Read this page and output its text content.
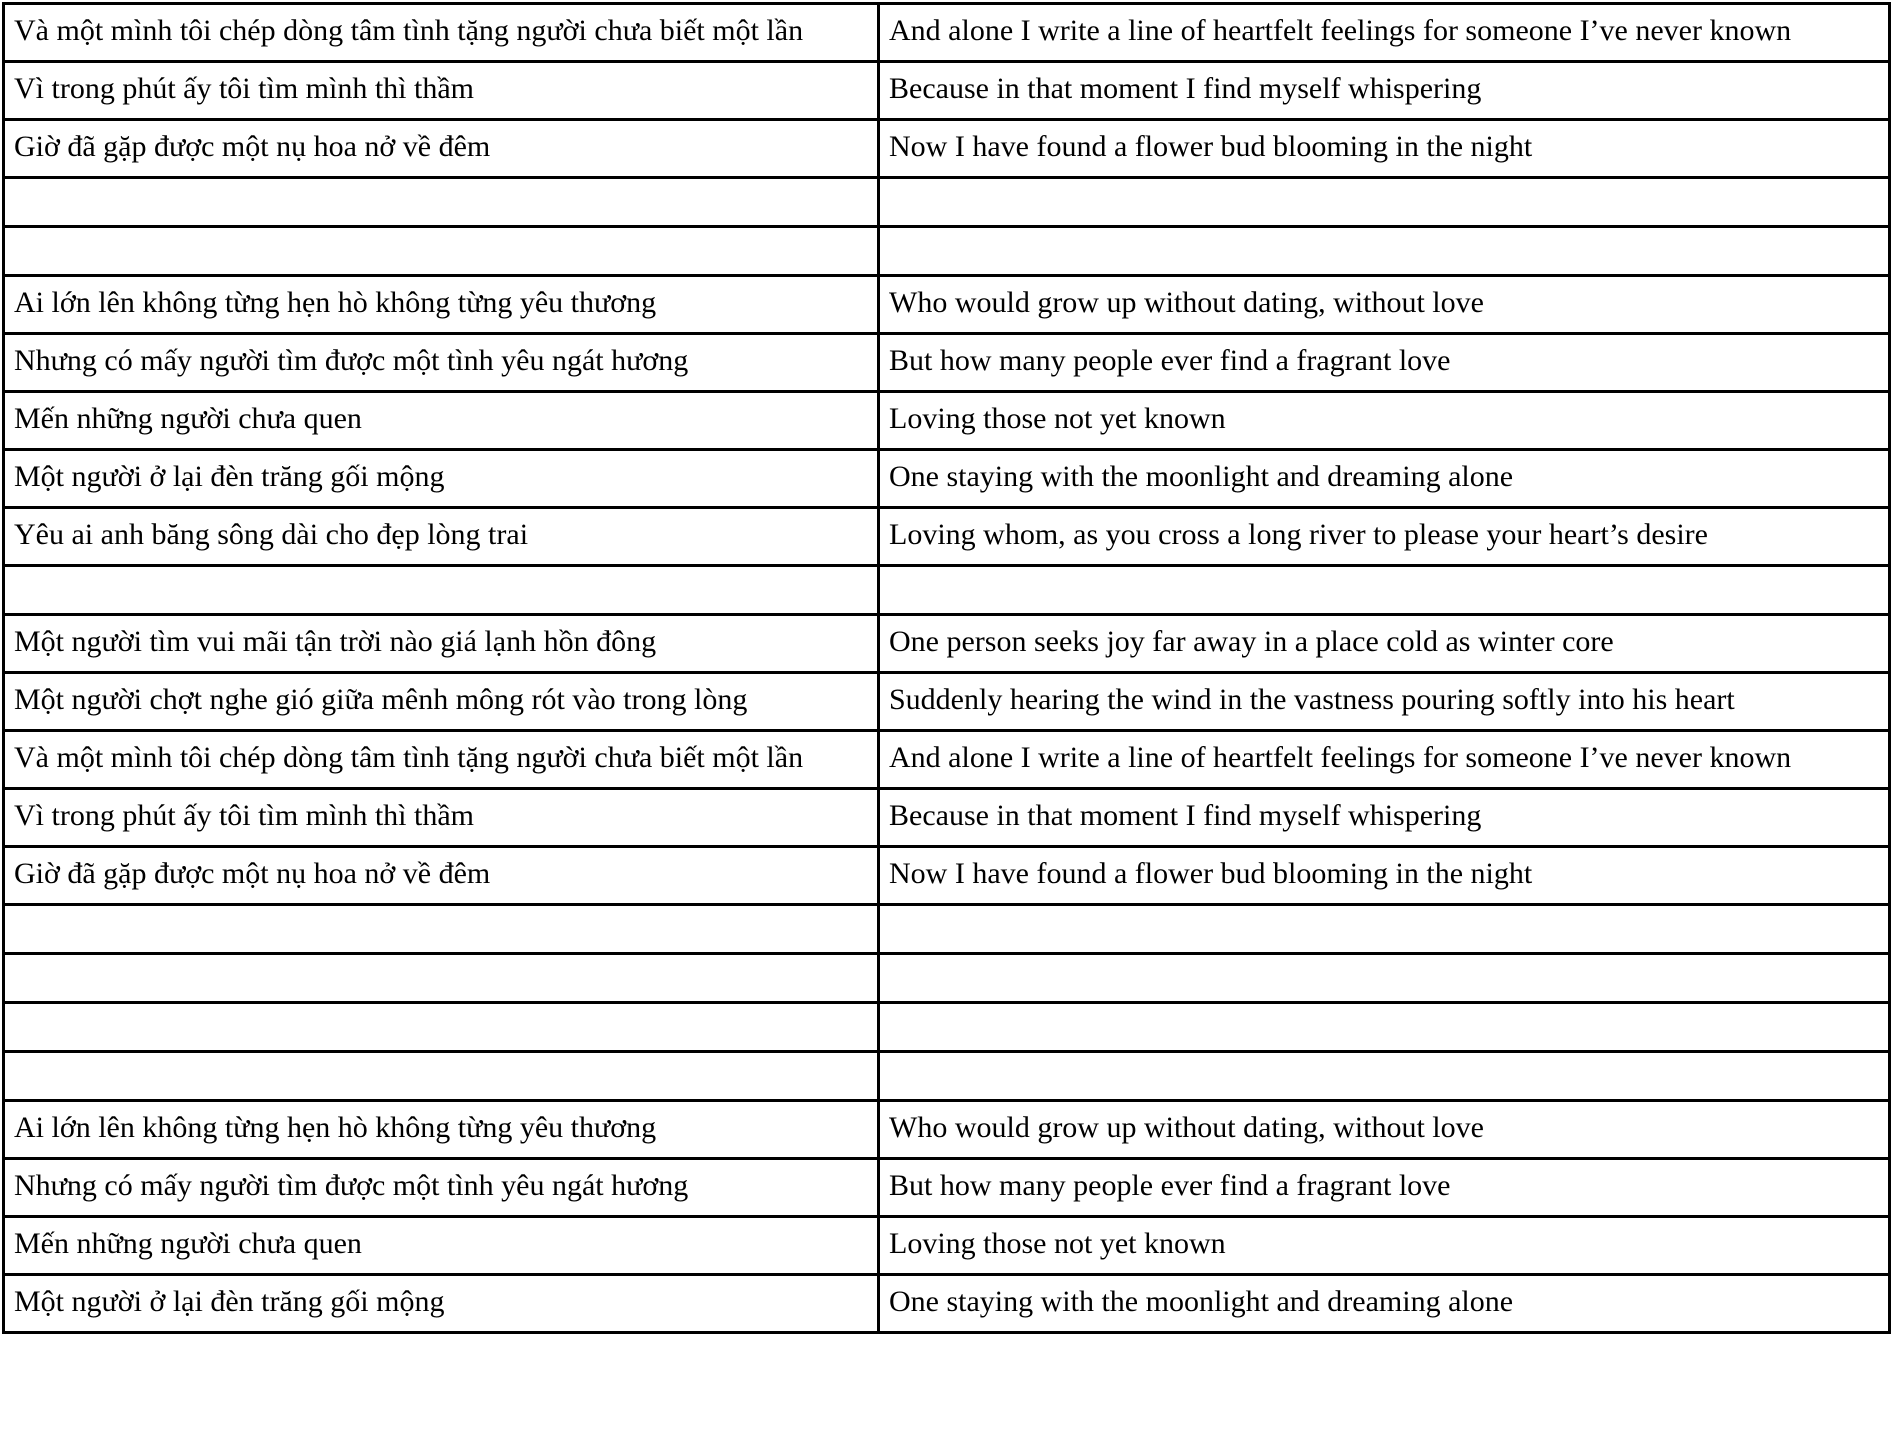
Và một mình tôi chép dòng tâm tình tặng người chưa biết một lần	And alone I write a line of heartfelt feelings for someone I’ve never known
Vì trong phút ấy tôi tìm mình thì thầm	Because in that moment I find myself whispering
Giờ đã gặp được một nụ hoa nở về đêm	Now I have found a flower bud blooming in the night

Ai lớn lên không từng hẹn hò không từng yêu thương	Who would grow up without dating, without love
Nhưng có mấy người tìm được một tình yêu ngát hương	But how many people ever find a fragrant love
Mến những người chưa quen	Loving those not yet known
Một người ở lại đèn trăng gối mộng	One staying with the moonlight and dreaming alone
Yêu ai anh băng sông dài cho đẹp lòng trai	Loving whom, as you cross a long river to please your heart’s desire

Một người tìm vui mãi tận trời nào giá lạnh hồn đông	One person seeks joy far away in a place cold as winter core
Một người chợt nghe gió giữa mênh mông rót vào trong lòng	Suddenly hearing the wind in the vastness pouring softly into his heart
Và một mình tôi chép dòng tâm tình tặng người chưa biết một lần	And alone I write a line of heartfelt feelings for someone I’ve never known
Vì trong phút ấy tôi tìm mình thì thầm	Because in that moment I find myself whispering
Giờ đã gặp được một nụ hoa nở về đêm	Now I have found a flower bud blooming in the night

Ai lớn lên không từng hẹn hò không từng yêu thương	Who would grow up without dating, without love
Nhưng có mấy người tìm được một tình yêu ngát hương	But how many people ever find a fragrant love
Mến những người chưa quen	Loving those not yet known
Một người ở lại đèn trăng gối mộng	One staying with the moonlight and dreaming alone
